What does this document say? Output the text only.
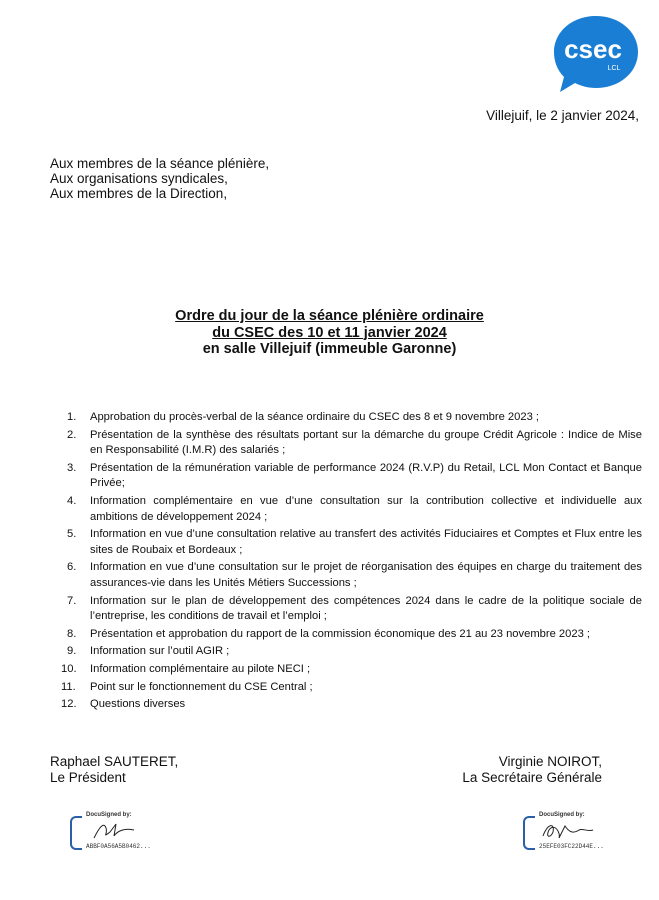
csec
LCL
Villejuif, le 2 janvier 2024,
Aux membres de la séance plénière,
Aux organisations syndicales,
Aux membres de la Direction,
Ordre du jour de la séance plénière ordinaire
du CSEC des 10 et 11 janvier 2024
en salle Villejuif (immeuble Garonne)
1. Approbation du procès-verbal de la séance ordinaire du CSEC des 8 et 9 novembre 2023 ;
2. Présentation de la synthèse des résultats portant sur la démarche du groupe Crédit Agricole : Indice de Mise en Responsabilité (I.M.R) des salariés ;
3. Présentation de la rémunération variable de performance 2024 (R.V.P) du Retail, LCL Mon Contact et Banque Privée;
4. Information complémentaire en vue d’une consultation sur la contribution collective et individuelle aux ambitions de développement 2024 ;
5. Information en vue d’une consultation relative au transfert des activités Fiduciaires et Comptes et Flux entre les sites de Roubaix et Bordeaux ;
6. Information en vue d’une consultation sur le projet de réorganisation des équipes en charge du traitement des assurances-vie dans les Unités Métiers Successions ;
7. Information sur le plan de développement des compétences 2024 dans le cadre de la politique sociale de l’entreprise, les conditions de travail et l’emploi ;
8. Présentation et approbation du rapport de la commission économique des 21 au 23 novembre 2023 ;
9. Information sur l’outil AGIR ;
10. Information complémentaire au pilote NECI ;
11. Point sur le fonctionnement du CSE Central ;
12. Questions diverses
Raphael SAUTERET,
Le Président
Virginie NOIROT,
La Secrétaire Générale
DocuSigned by:
ABBF0A56A5B0462...
DocuSigned by:
25EFE03FC22D44E...
